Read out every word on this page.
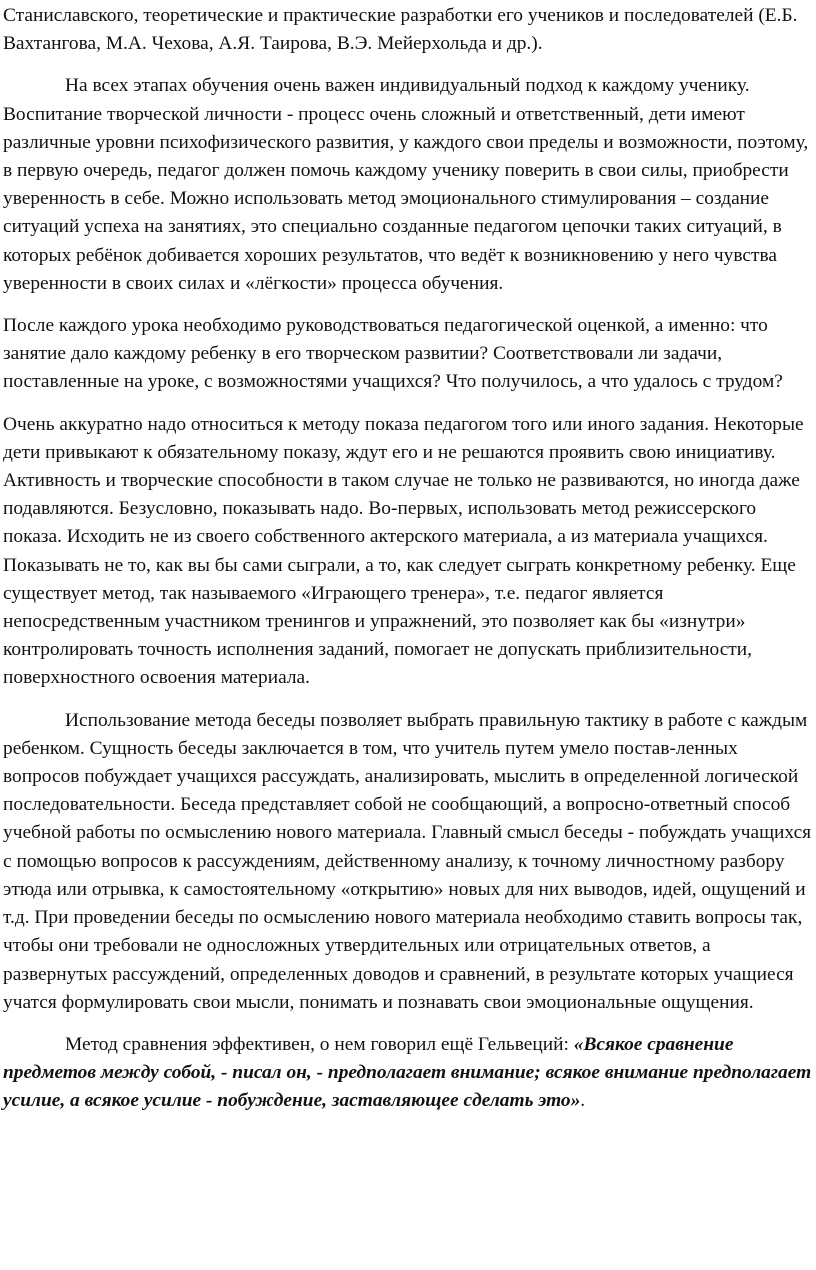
Станиславского, теоретические и практические разработки его учеников и последователей (Е.Б. Вахтангова, М.А. Чехова, А.Я. Таирова, В.Э. Мейерхольда и др.).

На всех этапах обучения очень важен индивидуальный подход к каждому ученику. Воспитание творческой личности - процесс очень сложный и ответственный, дети имеют различные уровни психофизического развития, у каждого свои пределы и возможности, поэтому, в первую очередь, педагог должен помочь каждому ученику поверить в свои силы, приобрести уверенность в себе. Можно использовать метод эмоционального стимулирования – создание ситуаций успеха на занятиях, это специально созданные педагогом цепочки таких ситуаций, в которых ребёнок добивается хороших результатов, что ведёт к возникновению у него чувства уверенности в своих силах и «лёгкости» процесса обучения.

После каждого урока необходимо руководствоваться педагогической оценкой, а именно: что занятие дало каждому ребенку в его творческом развитии? Соответствовали ли задачи, поставленные на уроке, с возможностями учащихся? Что получилось, а что удалось с трудом?

Очень аккуратно надо относиться к методу показа педагогом того или иного задания. Некоторые дети привыкают к обязательному показу, ждут его и не решаются проявить свою инициативу. Активность и творческие способности в таком случае не только не развиваются, но иногда даже подавляются. Безусловно, показывать надо. Во-первых, использовать метод режиссерского показа. Исходить не из своего собственного актерского материала, а из материала учащихся. Показывать не то, как вы бы сами сыграли, а то, как следует сыграть конкретному ребенку. Еще существует метод, так называемого «Играющего тренера», т.е. педагог является непосредственным участником тренингов и упражнений, это позволяет как бы «изнутри» контролировать точность исполнения заданий, помогает не допускать приблизительности, поверхностного освоения материала.

Использование метода беседы позволяет выбрать правильную тактику в работе с каждым ребенком. Сущность беседы заключается в том, что учитель путем умело постав-ленных вопросов побуждает учащихся рассуждать, анализировать, мыслить в определенной логической последовательности. Беседа представляет собой не сообщающий, а вопросно-ответный способ учебной работы по осмыслению нового материала. Главный смысл беседы - побуждать учащихся с помощью вопросов к рассуждениям, действенному анализу, к точному личностному разбору этюда или отрывка, к самостоятельному «открытию» новых для них выводов, идей, ощущений и т.д. При проведении беседы по осмыслению нового материала необходимо ставить вопросы так, чтобы они требовали не односложных утвердительных или отрицательных ответов, а развернутых рассуждений, определенных доводов и сравнений, в результате которых учащиеся учатся формулировать свои мысли, понимать и познавать свои эмоциональные ощущения.

Метод сравнения эффективен, о нем говорил ещё Гельвеций: «Всякое сравнение предметов между собой, - писал он, - предполагает внимание; всякое внимание предполагает усилие, а всякое усилие - побуждение, заставляющее сделать это».
